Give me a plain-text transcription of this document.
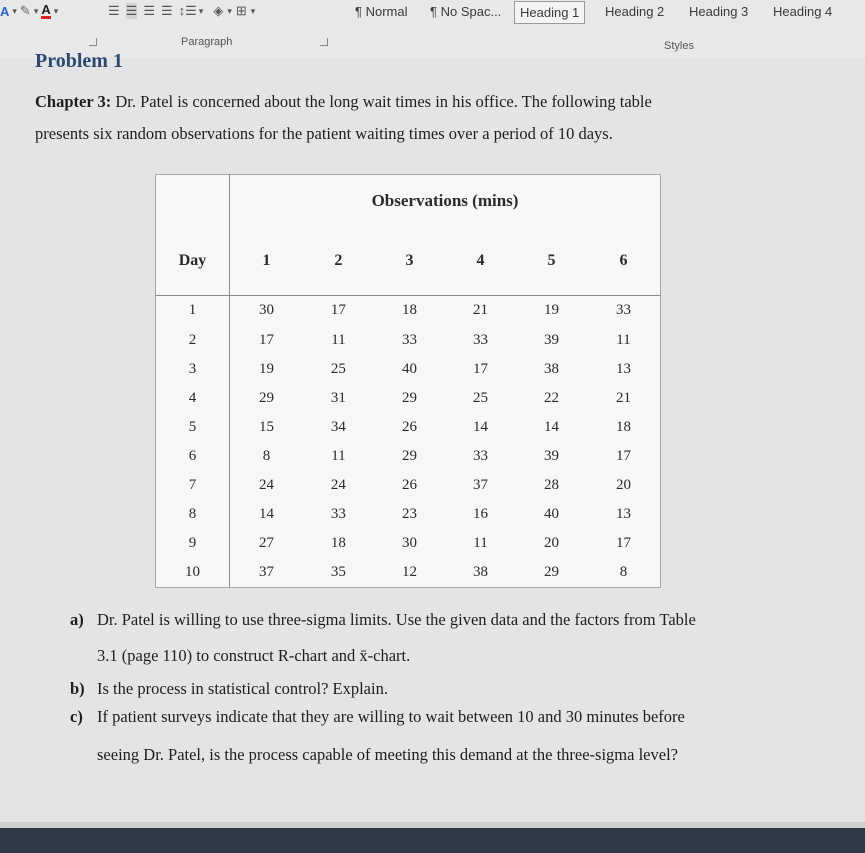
A ▾ ✎ ▾ A ▾	☰ ☰ ☰ ☰ ↕☰ ▾ ◈ ▾ ⊞ ▾	¶ Normal	¶ No Spac...	Heading 1	Heading 2	Heading 3	Heading 4
Paragraph	Styles
Problem 1
Chapter 3: Dr. Patel is concerned about the long wait times in his office. The following table
presents six random observations for the patient waiting times over a period of 10 days.
	Observations (mins)					
Day	1	2	3	4	5	6
1	30	17	18	21	19	33
2	17	11	33	33	39	11
3	19	25	40	17	38	13
4	29	31	29	25	22	21
5	15	34	26	14	14	18
6	8	11	29	33	39	17
7	24	24	26	37	28	20
8	14	33	23	16	40	13
9	27	18	30	11	20	17
10	37	35	12	38	29	8
a) Dr. Patel is willing to use three-sigma limits. Use the given data and the factors from Table
3.1 (page 110) to construct R-chart and x̄-chart.
b) Is the process in statistical control? Explain.
c) If patient surveys indicate that they are willing to wait between 10 and 30 minutes before
seeing Dr. Patel, is the process capable of meeting this demand at the three-sigma level?
